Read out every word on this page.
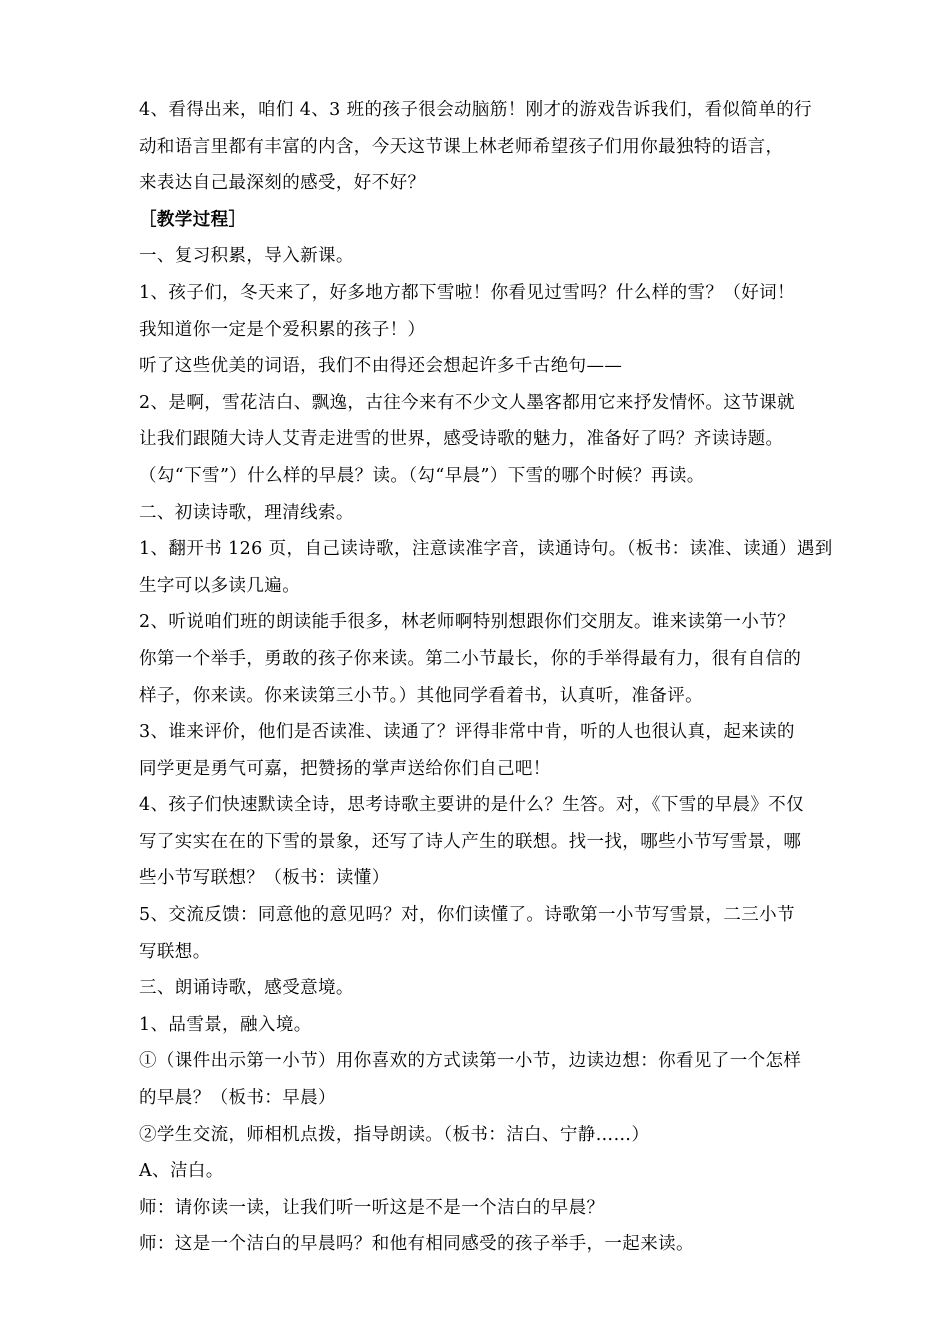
4、看得出来，咱们 4、3 班的孩子很会动脑筋！刚才的游戏告诉我们，看似简单的行
动和语言里都有丰富的内含，今天这节课上林老师希望孩子们用你最独特的语言，
来表达自己最深刻的感受，好不好？
［教学过程］
一、复习积累，导入新课。
1、孩子们，冬天来了，好多地方都下雪啦！你看见过雪吗？什么样的雪？（好词！
我知道你一定是个爱积累的孩子！）
听了这些优美的词语，我们不由得还会想起许多千古绝句——
2、是啊，雪花洁白、飘逸，古往今来有不少文人墨客都用它来抒发情怀。这节课就
让我们跟随大诗人艾青走进雪的世界，感受诗歌的魅力，准备好了吗？齐读诗题。
（勾“下雪”）什么样的早晨？读。（勾“早晨”）下雪的哪个时候？再读。
二、初读诗歌，理清线索。
1、翻开书 126 页，自己读诗歌，注意读准字音，读通诗句。（板书：读准、读通）遇到
生字可以多读几遍。
2、听说咱们班的朗读能手很多，林老师啊特别想跟你们交朋友。谁来读第一小节？
你第一个举手，勇敢的孩子你来读。第二小节最长，你的手举得最有力，很有自信的
样子，你来读。你来读第三小节。）其他同学看着书，认真听，准备评。
3、谁来评价，他们是否读准、读通了？评得非常中肯，听的人也很认真，起来读的
同学更是勇气可嘉，把赞扬的掌声送给你们自己吧！
4、孩子们快速默读全诗，思考诗歌主要讲的是什么？生答。对，《下雪的早晨》不仅
写了实实在在的下雪的景象，还写了诗人产生的联想。找一找，哪些小节写雪景，哪
些小节写联想？（板书：读懂）
5、交流反馈：同意他的意见吗？对，你们读懂了。诗歌第一小节写雪景，二三小节
写联想。
三、朗诵诗歌，感受意境。
1、品雪景，融入境。
①（课件出示第一小节）用你喜欢的方式读第一小节，边读边想：你看见了一个怎样
的早晨？（板书：早晨）
②学生交流，师相机点拨，指导朗读。（板书：洁白、宁静……）
A、洁白。
师：请你读一读，让我们听一听这是不是一个洁白的早晨？
师：这是一个洁白的早晨吗？和他有相同感受的孩子举手，一起来读。
